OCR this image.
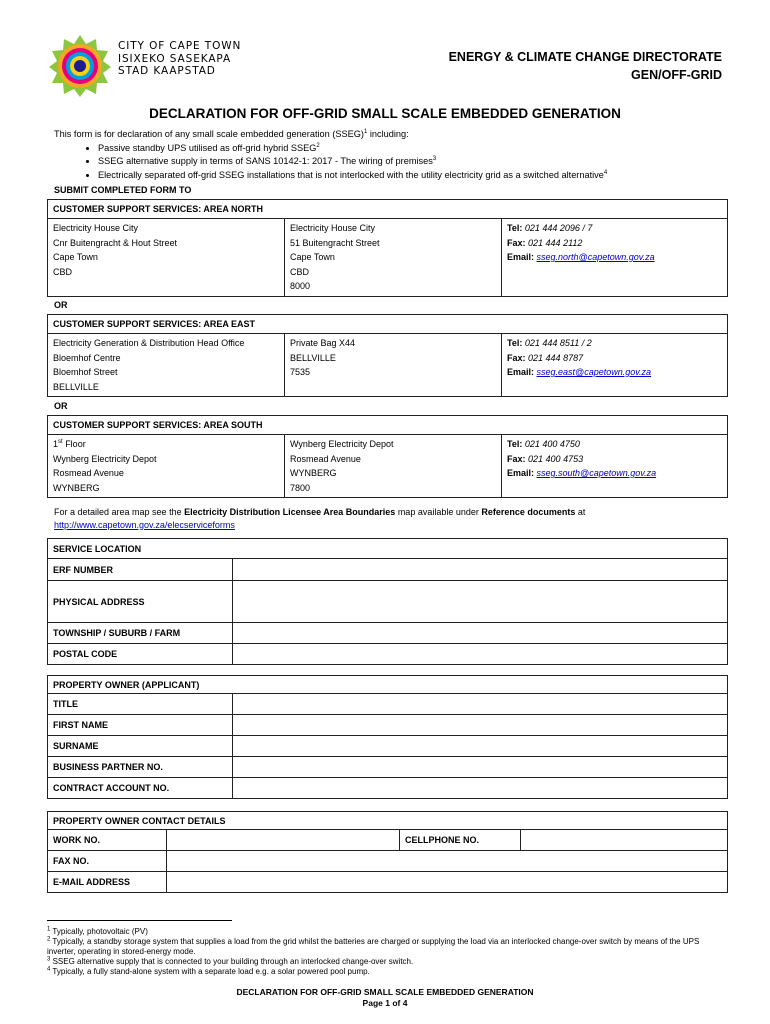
CITY OF CAPE TOWN
ISIXEKO SASEKAPA
STAD KAAPSTAD
ENERGY & CLIMATE CHANGE DIRECTORATE
GEN/OFF-GRID
DECLARATION FOR OFF-GRID SMALL SCALE EMBEDDED GENERATION
This form is for declaration of any small scale embedded generation (SSEG)$^1$ including:
• Passive standby UPS utilised as off-grid hybrid SSEG$^2$
• SSEG alternative supply in terms of SANS 10142-1: 2017 - The wiring of premises$^3$
• Electrically separated off-grid SSEG installations that is not interlocked with the utility electricity grid as a switched alternative$^4$
SUBMIT COMPLETED FORM TO
CUSTOMER SUPPORT SERVICES: AREA NORTH

Electricity House City
Cnr Buitengracht & Hout Street
Cape Town
CBD

Electricity House City
51 Buitengracht Street
Cape Town
CBD
8000

Tel: 021 444 2096 / 7
Fax: 021 444 2112
Email: sseg.north@capetown.gov.za
OR
CUSTOMER SUPPORT SERVICES: AREA EAST

Electricity Generation & Distribution Head Office
Bloemhof Centre
Bloemhof Street
BELLVILLE

Private Bag X44
BELLVILLE
7535

Tel: 021 444 8511 / 2
Fax: 021 444 8787
Email: sseg.east@capetown.gov.za
OR
CUSTOMER SUPPORT SERVICES: AREA SOUTH

1st Floor
Wynberg Electricity Depot
Rosmead Avenue
WYNBERG

Wynberg Electricity Depot
Rosmead Avenue
WYNBERG
7800

Tel: 021 400 4750
Fax: 021 400 4753
Email: sseg.south@capetown.gov.za
For a detailed area map see the Electricity Distribution Licensee Area Boundaries map available under Reference documents at
http://www.capetown.gov.za/elecserviceforms
SERVICE LOCATION	
ERF NUMBER	
PHYSICAL ADDRESS	
TOWNSHIP / SUBURB / FARM	
POSTAL CODE	
PROPERTY OWNER (APPLICANT)	
TITLE	
FIRST NAME	
SURNAME	
BUSINESS PARTNER NO.	
CONTRACT ACCOUNT NO.	
PROPERTY OWNER CONTACT DETAILS			
WORK NO.		CELLPHONE NO.	
FAX NO.			
E-MAIL ADDRESS			
$^1$ Typically, photovoltaic (PV)
$^2$ Typically, a standby storage system that supplies a load from the grid whilst the batteries are charged or supplying the load via an interlocked change-over switch by means of the UPS inverter, operating in stored-energy mode.
$^3$ SSEG alternative supply that is connected to your building through an interlocked change-over switch.
$^4$ Typically, a fully stand-alone system with a separate load e.g. a solar powered pool pump.
DECLARATION FOR OFF-GRID SMALL SCALE EMBEDDED GENERATION
Page 1 of 4
